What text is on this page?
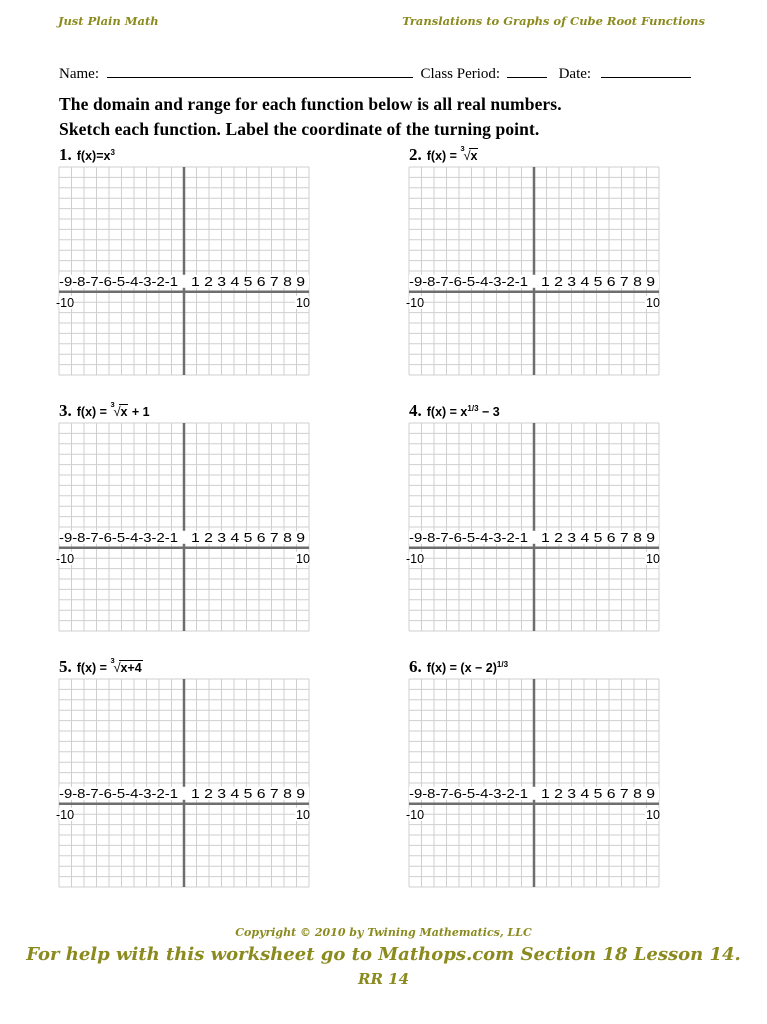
Just Plain Math	Translations to Graphs of Cube Root Functions
Name:	Class Period:	Date:
The domain and range for each function below is all real numbers.
Sketch each function. Label the coordinate of the turning point.
1. $f(x)=x^3$	2. f(x) =
3
√ x
3. f(x) =
3
√ x + 1	4. $f(x) = x^{1/3} - 3$
5. f(x) =
3
√ x+4	6. $f(x) = (x - 2)^{1/3}$
-9-8-7-6-5-4-3-2-1 1 2 3 4 5 6 7 8 9
-10	10
-9-8-7-6-5-4-3-2-1 1 2 3 4 5 6 7 8 9
-10	10
-9-8-7-6-5-4-3-2-1 1 2 3 4 5 6 7 8 9
-10	10
-9-8-7-6-5-4-3-2-1 1 2 3 4 5 6 7 8 9
-10	10
-9-8-7-6-5-4-3-2-1 1 2 3 4 5 6 7 8 9
-10	10
-9-8-7-6-5-4-3-2-1 1 2 3 4 5 6 7 8 9
-10	10
Copyright © 2010 by Twining Mathematics, LLC
For help with this worksheet go to Mathops.com Section 18 Lesson 14.
RR 14
